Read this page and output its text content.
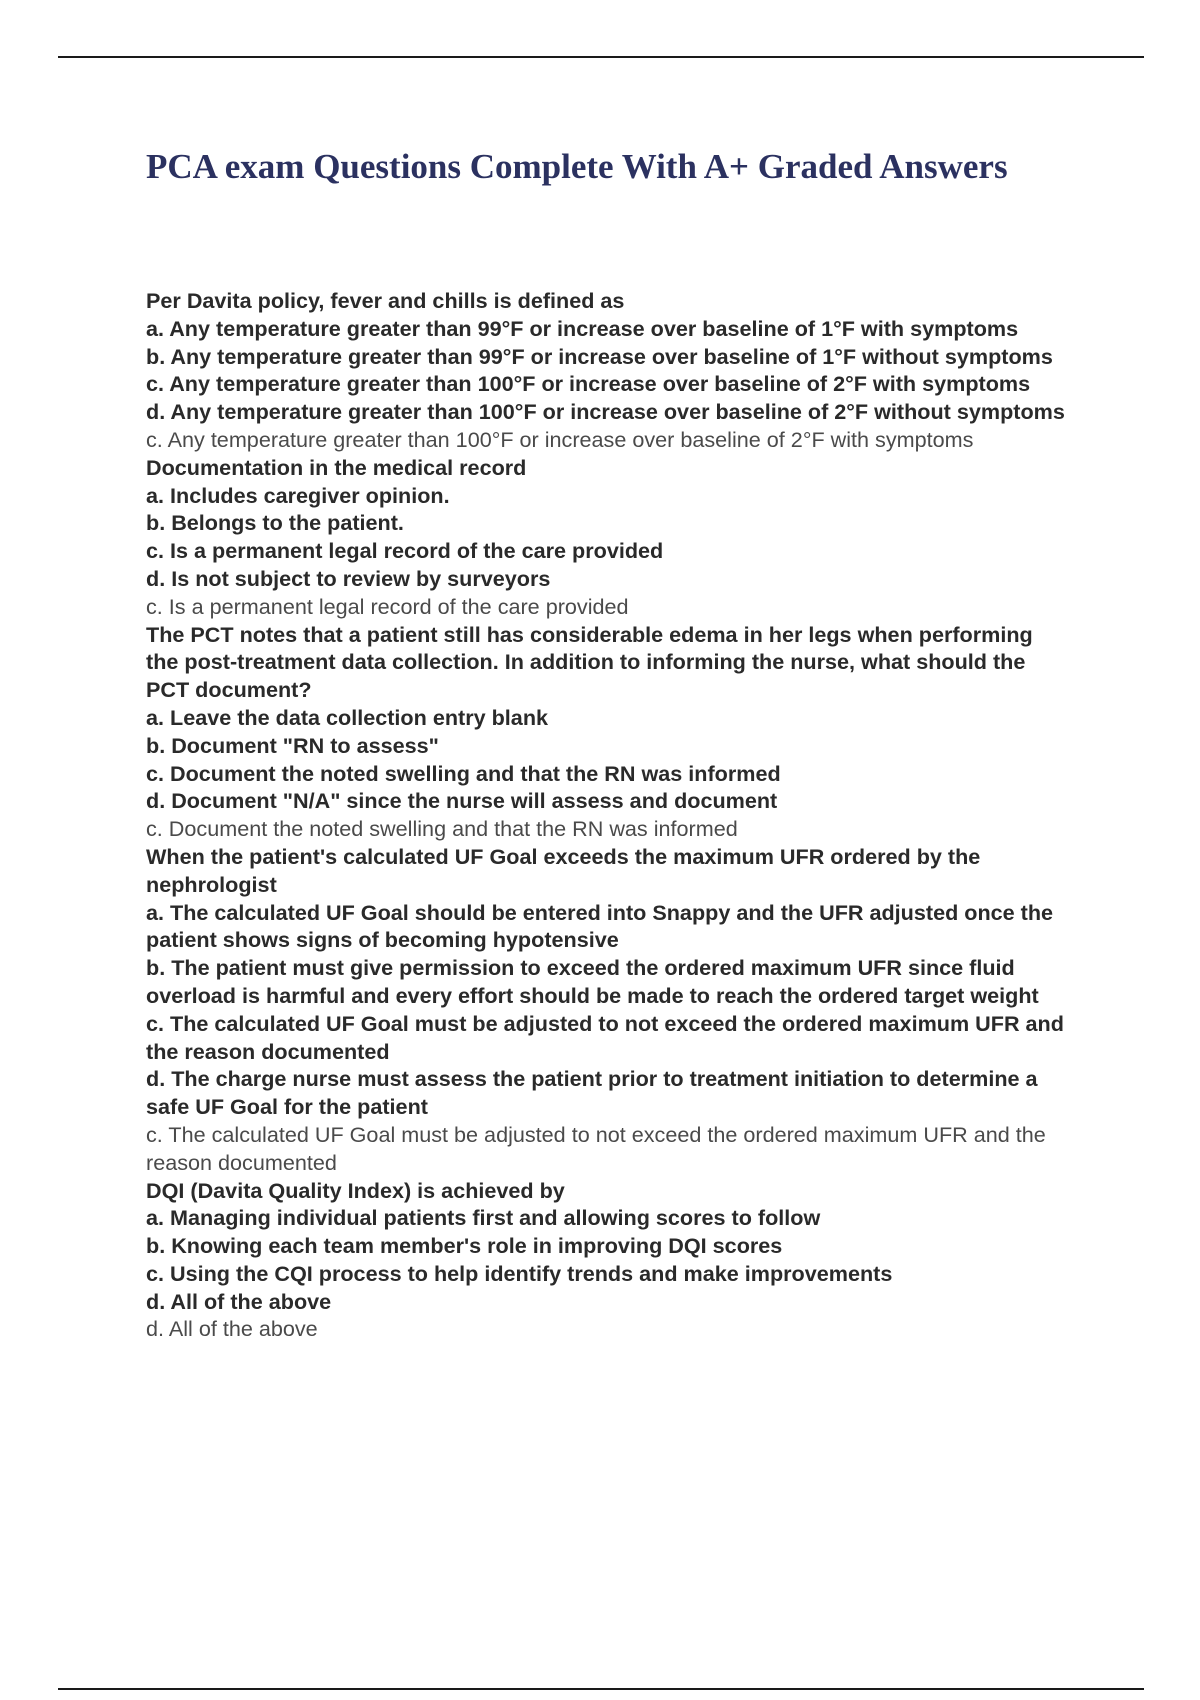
PCA exam Questions Complete With A+ Graded Answers
Per Davita policy, fever and chills is defined as
a. Any temperature greater than 99°F or increase over baseline of 1°F with symptoms
b. Any temperature greater than 99°F or increase over baseline of 1°F without symptoms
c. Any temperature greater than 100°F or increase over baseline of 2°F with symptoms
d. Any temperature greater than 100°F or increase over baseline of 2°F without symptoms
c. Any temperature greater than 100°F or increase over baseline of 2°F with symptoms
Documentation in the medical record
a. Includes caregiver opinion.
b. Belongs to the patient.
c. Is a permanent legal record of the care provided
d. Is not subject to review by surveyors
c. Is a permanent legal record of the care provided
The PCT notes that a patient still has considerable edema in her legs when performing the post-treatment data collection. In addition to informing the nurse, what should the PCT document?
a. Leave the data collection entry blank
b. Document "RN to assess"
c. Document the noted swelling and that the RN was informed
d. Document "N/A" since the nurse will assess and document
c. Document the noted swelling and that the RN was informed
When the patient's calculated UF Goal exceeds the maximum UFR ordered by the nephrologist
a. The calculated UF Goal should be entered into Snappy and the UFR adjusted once the patient shows signs of becoming hypotensive
b. The patient must give permission to exceed the ordered maximum UFR since fluid overload is harmful and every effort should be made to reach the ordered target weight
c. The calculated UF Goal must be adjusted to not exceed the ordered maximum UFR and the reason documented
d. The charge nurse must assess the patient prior to treatment initiation to determine a safe UF Goal for the patient
c. The calculated UF Goal must be adjusted to not exceed the ordered maximum UFR and the reason documented
DQI (Davita Quality Index) is achieved by
a. Managing individual patients first and allowing scores to follow
b. Knowing each team member's role in improving DQI scores
c. Using the CQI process to help identify trends and make improvements
d. All of the above
d. All of the above
